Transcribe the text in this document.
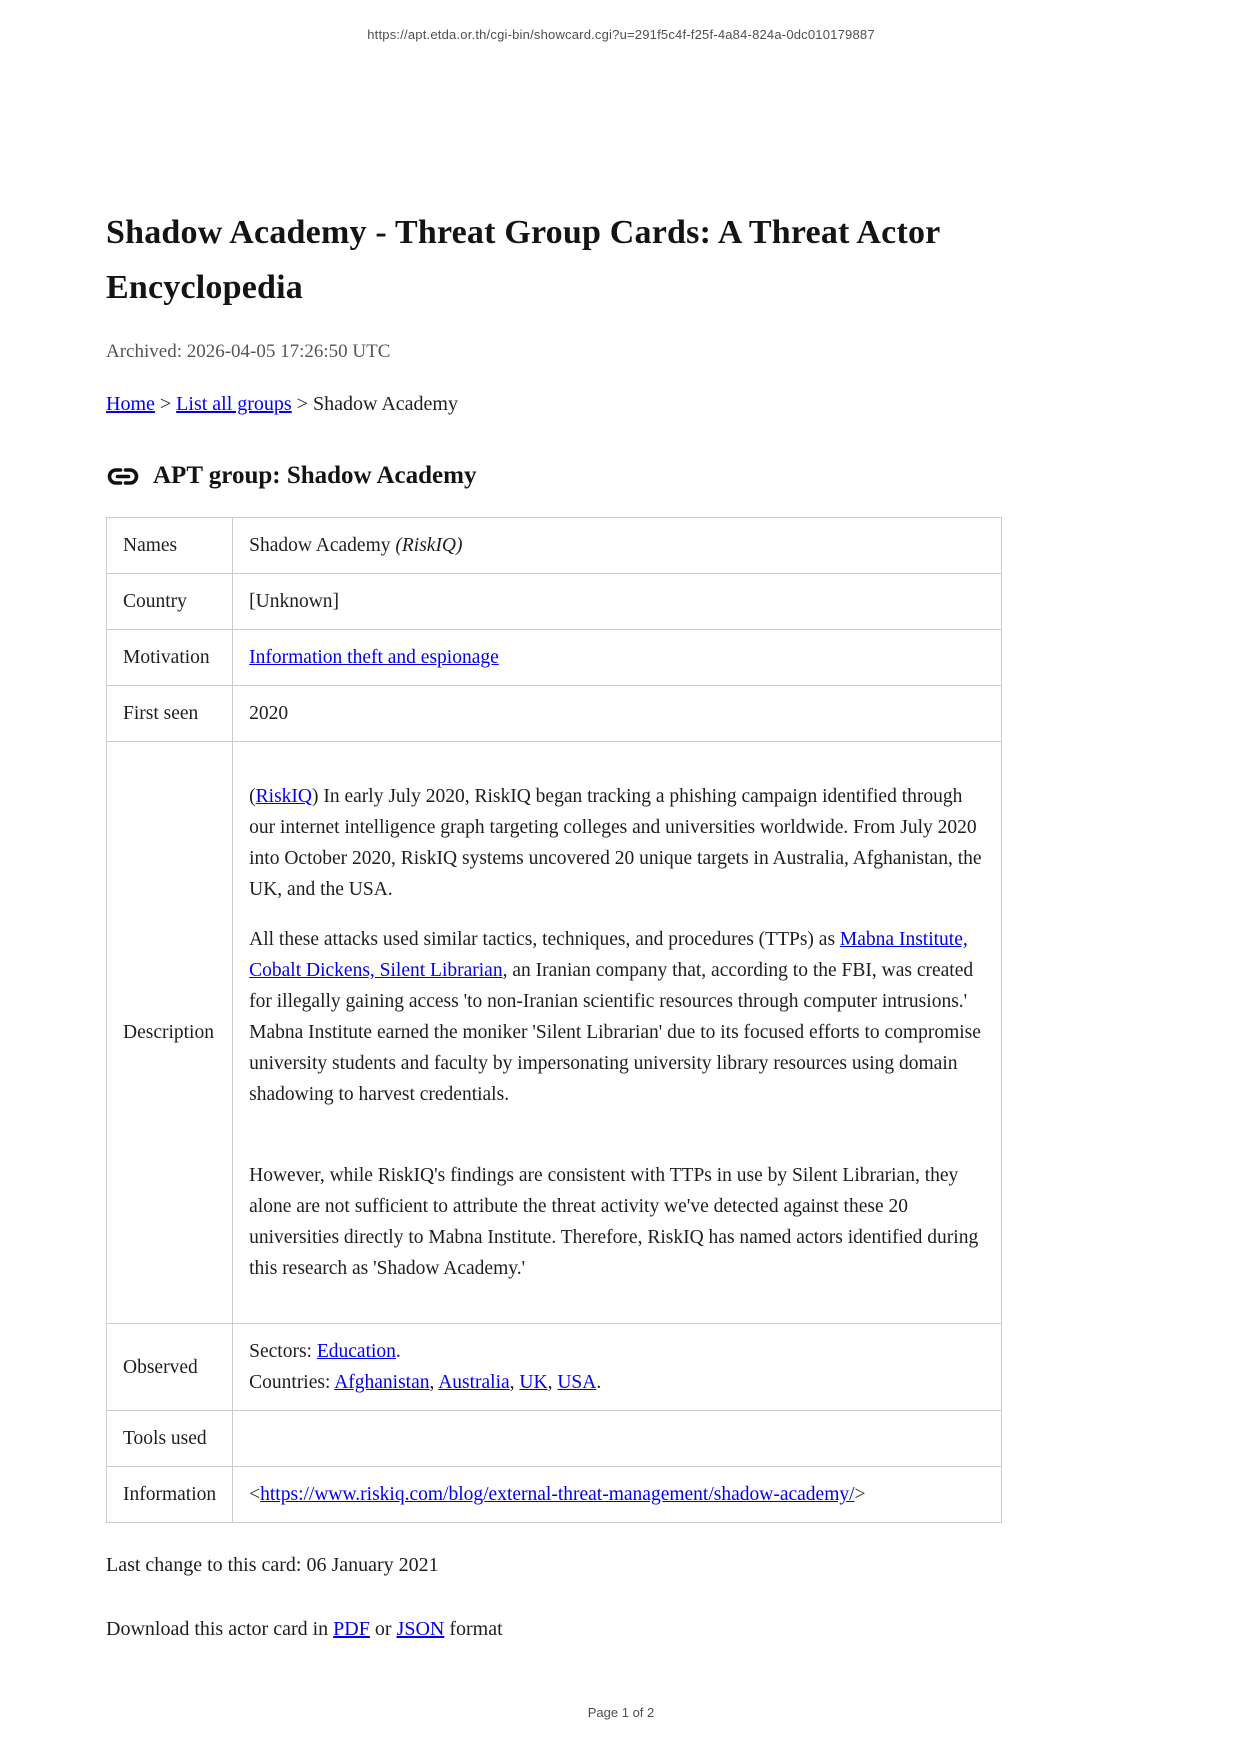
https://apt.etda.or.th/cgi-bin/showcard.cgi?u=291f5c4f-f25f-4a84-824a-0dc010179887
Shadow Academy - Threat Group Cards: A Threat Actor Encyclopedia
Archived: 2026-04-05 17:26:50 UTC
Home > List all groups > Shadow Academy
APT group: Shadow Academy
Names	Shadow Academy (RiskIQ)
Country	[Unknown]
Motivation	Information theft and espionage
First seen	2020
Description	(RiskIQ) In early July 2020, RiskIQ began tracking a phishing campaign identified through our internet intelligence graph targeting colleges and universities worldwide. From July 2020 into October 2020, RiskIQ systems uncovered 20 unique targets in Australia, Afghanistan, the UK, and the USA.

All these attacks used similar tactics, techniques, and procedures (TTPs) as Mabna Institute, Cobalt Dickens, Silent Librarian, an Iranian company that, according to the FBI, was created for illegally gaining access 'to non-Iranian scientific resources through computer intrusions.' Mabna Institute earned the moniker 'Silent Librarian' due to its focused efforts to compromise university students and faculty by impersonating university library resources using domain shadowing to harvest credentials.

However, while RiskIQ's findings are consistent with TTPs in use by Silent Librarian, they alone are not sufficient to attribute the threat activity we've detected against these 20 universities directly to Mabna Institute. Therefore, RiskIQ has named actors identified during this research as 'Shadow Academy.'

Observed	Sectors: Education.
Countries: Afghanistan, Australia, UK, USA.

Tools used	
Information	<https://www.riskiq.com/blog/external-threat-management/shadow-academy/>
Last change to this card: 06 January 2021
Download this actor card in PDF or JSON format
Page 1 of 2
